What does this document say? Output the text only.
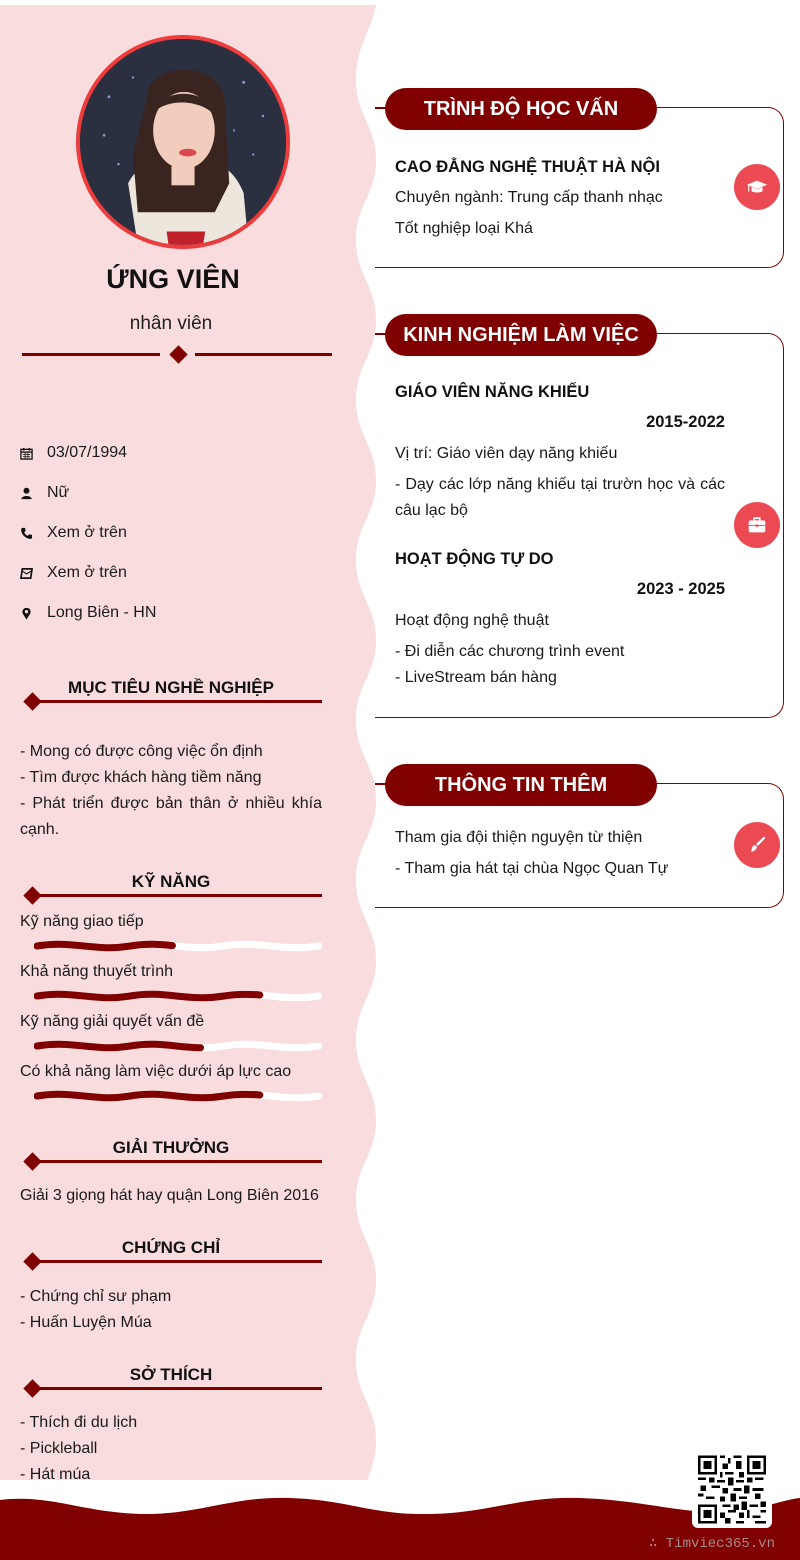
ỨNG VIÊN
nhân viên
03/07/1994
Nữ
Xem ở trên
Xem ở trên
Long Biên - HN
MỤC TIÊU NGHỀ NGHIỆP
- Mong có được công việc ổn định
- Tìm được khách hàng tiềm năng
- Phát triển được bản thân ở nhiều khía cạnh.
KỸ NĂNG
Kỹ năng giao tiếp
Khả năng thuyết trình
Kỹ năng giải quyết vấn đề
Có khả năng làm việc dưới áp lực cao
GIẢI THƯỞNG
Giải 3 giọng hát hay quận Long Biên 2016
CHỨNG CHỈ
- Chứng chỉ sư phạm
- Huấn Luyện Múa
SỞ THÍCH
- Thích đi du lịch
- Pickleball
- Hát múa
TRÌNH ĐỘ HỌC VẤN
CAO ĐẲNG NGHỆ THUẬT HÀ NỘI
Chuyên ngành: Trung cấp thanh nhạc
Tốt nghiệp loại Khá
KINH NGHIỆM LÀM VIỆC
GIÁO VIÊN NĂNG KHIẾU
2015-2022
Vị trí: Giáo viên dạy năng khiếu
- Dạy các lớp năng khiếu tại trườn học và các câu lạc bộ
HOẠT ĐỘNG TỰ DO
2023 - 2025
Hoạt động nghệ thuật
- Đi diễn các chương trình event
- LiveStream bán hàng
THÔNG TIN THÊM
Tham gia đội thiện nguyện từ thiện
- Tham gia hát tại chùa Ngọc Quan Tự
∴ Timviec365.vn
